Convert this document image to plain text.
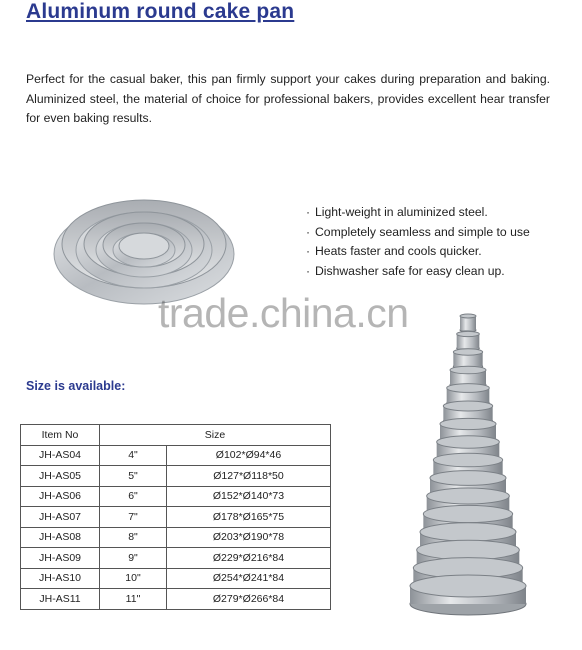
Aluminum round cake pan

Perfect for the casual baker, this pan firmly support your cakes during preparation and baking. Aluminized steel, the material of choice for professional bakers, provides excellent hear transfer for even baking results.

· Light-weight in aluminized steel.
· Completely seamless and simple to use
· Heats faster and cools quicker.
· Dishwasher safe for easy clean up.
trade.china.cn
Size is available:
Item No	Size	
JH-AS04	4"	Ø102*Ø94*46
JH-AS05	5"	Ø127*Ø118*50
JH-AS06	6"	Ø152*Ø140*73
JH-AS07	7"	Ø178*Ø165*75
JH-AS08	8"	Ø203*Ø190*78
JH-AS09	9"	Ø229*Ø216*84
JH-AS10	10"	Ø254*Ø241*84
JH-AS11	11"	Ø279*Ø266*84
